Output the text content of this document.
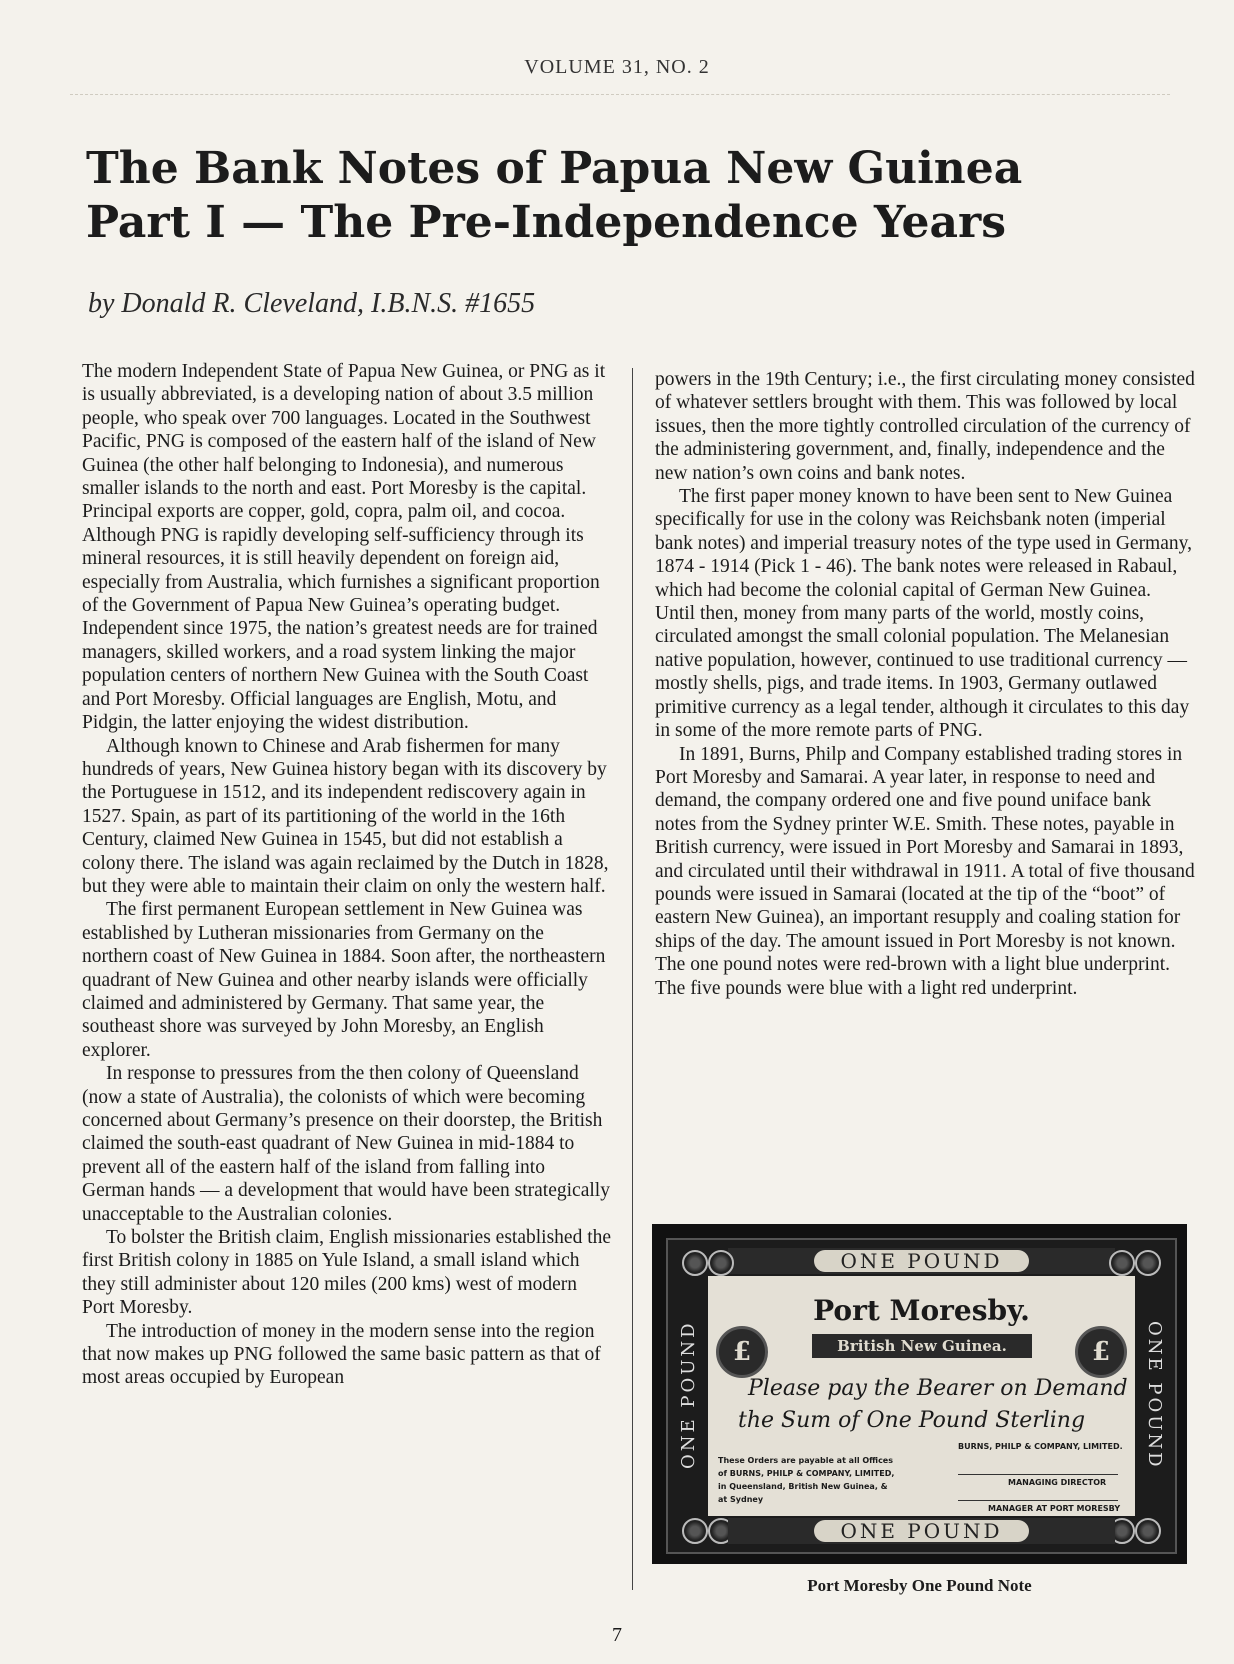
VOLUME 31, NO. 2
The Bank Notes of Papua New Guinea
Part I — The Pre-Independence Years
by Donald R. Cleveland, I.B.N.S. #1655

The modern Independent State of Papua New Guinea, or PNG as it is usually abbreviated, is a developing nation of about 3.5 million people, who speak over 700 languages. Located in the Southwest Pacific, PNG is composed of the eastern half of the island of New Guinea (the other half belonging to Indonesia), and numerous smaller islands to the north and east. Port Moresby is the capital. Principal exports are copper, gold, copra, palm oil, and cocoa. Although PNG is rapidly developing self-sufficiency through its mineral resources, it is still heavily dependent on foreign aid, especially from Australia, which furnishes a significant proportion of the Government of Papua New Guinea’s operating budget. Independent since 1975, the nation’s greatest needs are for trained managers, skilled workers, and a road system linking the major population centers of northern New Guinea with the South Coast and Port Moresby. Official languages are English, Motu, and Pidgin, the latter enjoying the widest distribution.

Although known to Chinese and Arab fishermen for many hundreds of years, New Guinea history began with its discovery by the Portuguese in 1512, and its independent rediscovery again in 1527. Spain, as part of its partitioning of the world in the 16th Century, claimed New Guinea in 1545, but did not establish a colony there. The island was again reclaimed by the Dutch in 1828, but they were able to maintain their claim on only the western half.

The first permanent European settlement in New Guinea was established by Lutheran missionaries from Germany on the northern coast of New Guinea in 1884. Soon after, the northeastern quadrant of New Guinea and other nearby islands were officially claimed and administered by Germany. That same year, the southeast shore was surveyed by John Moresby, an English explorer.

In response to pressures from the then colony of Queensland (now a state of Australia), the colonists of which were becoming concerned about Germany’s presence on their doorstep, the British claimed the south-east quadrant of New Guinea in mid-1884 to prevent all of the eastern half of the island from falling into German hands — a development that would have been strategically unacceptable to the Australian colonies.

To bolster the British claim, English missionaries established the first British colony in 1885 on Yule Island, a small island which they still administer about 120 miles (200 kms) west of modern Port Moresby.

The introduction of money in the modern sense into the region that now makes up PNG followed the same basic pattern as that of most areas occupied by European

powers in the 19th Century; i.e., the first circulating money consisted of whatever settlers brought with them. This was followed by local issues, then the more tightly controlled circulation of the currency of the administering government, and, finally, independence and the new nation’s own coins and bank notes.

The first paper money known to have been sent to New Guinea specifically for use in the colony was Reichsbank noten (imperial bank notes) and imperial treasury notes of the type used in Germany, 1874 - 1914 (Pick 1 - 46). The bank notes were released in Rabaul, which had become the colonial capital of German New Guinea. Until then, money from many parts of the world, mostly coins, circulated amongst the small colonial population. The Melanesian native population, however, continued to use traditional currency — mostly shells, pigs, and trade items. In 1903, Germany outlawed primitive currency as a legal tender, although it circulates to this day in some of the more remote parts of PNG.

In 1891, Burns, Philp and Company established trading stores in Port Moresby and Samarai. A year later, in response to need and demand, the company ordered one and five pound uniface bank notes from the Sydney printer W.E. Smith. These notes, payable in British currency, were issued in Port Moresby and Samarai in 1893, and circulated until their withdrawal in 1911. A total of five thousand pounds were issued in Samarai (located at the tip of the “boot” of eastern New Guinea), an important resupply and coaling station for ships of the day. The amount issued in Port Moresby is not known. The one pound notes were red-brown with a light blue underprint. The five pounds were blue with a light red underprint.

ONE POUND
ONE POUND	ONE POUND
£	£
Port Moresby.
British New Guinea.
Please pay the Bearer on Demand
the Sum of One Pound Sterling
BURNS, PHILP & COMPANY, LIMITED.
These Orders are payable at all Offices of BURNS, PHILP & COMPANY, LIMITED, in Queensland, British New Guinea, & at Sydney
MANAGING DIRECTOR
MANAGER AT PORT MORESBY
ONE POUND
Port Moresby One Pound Note
7
